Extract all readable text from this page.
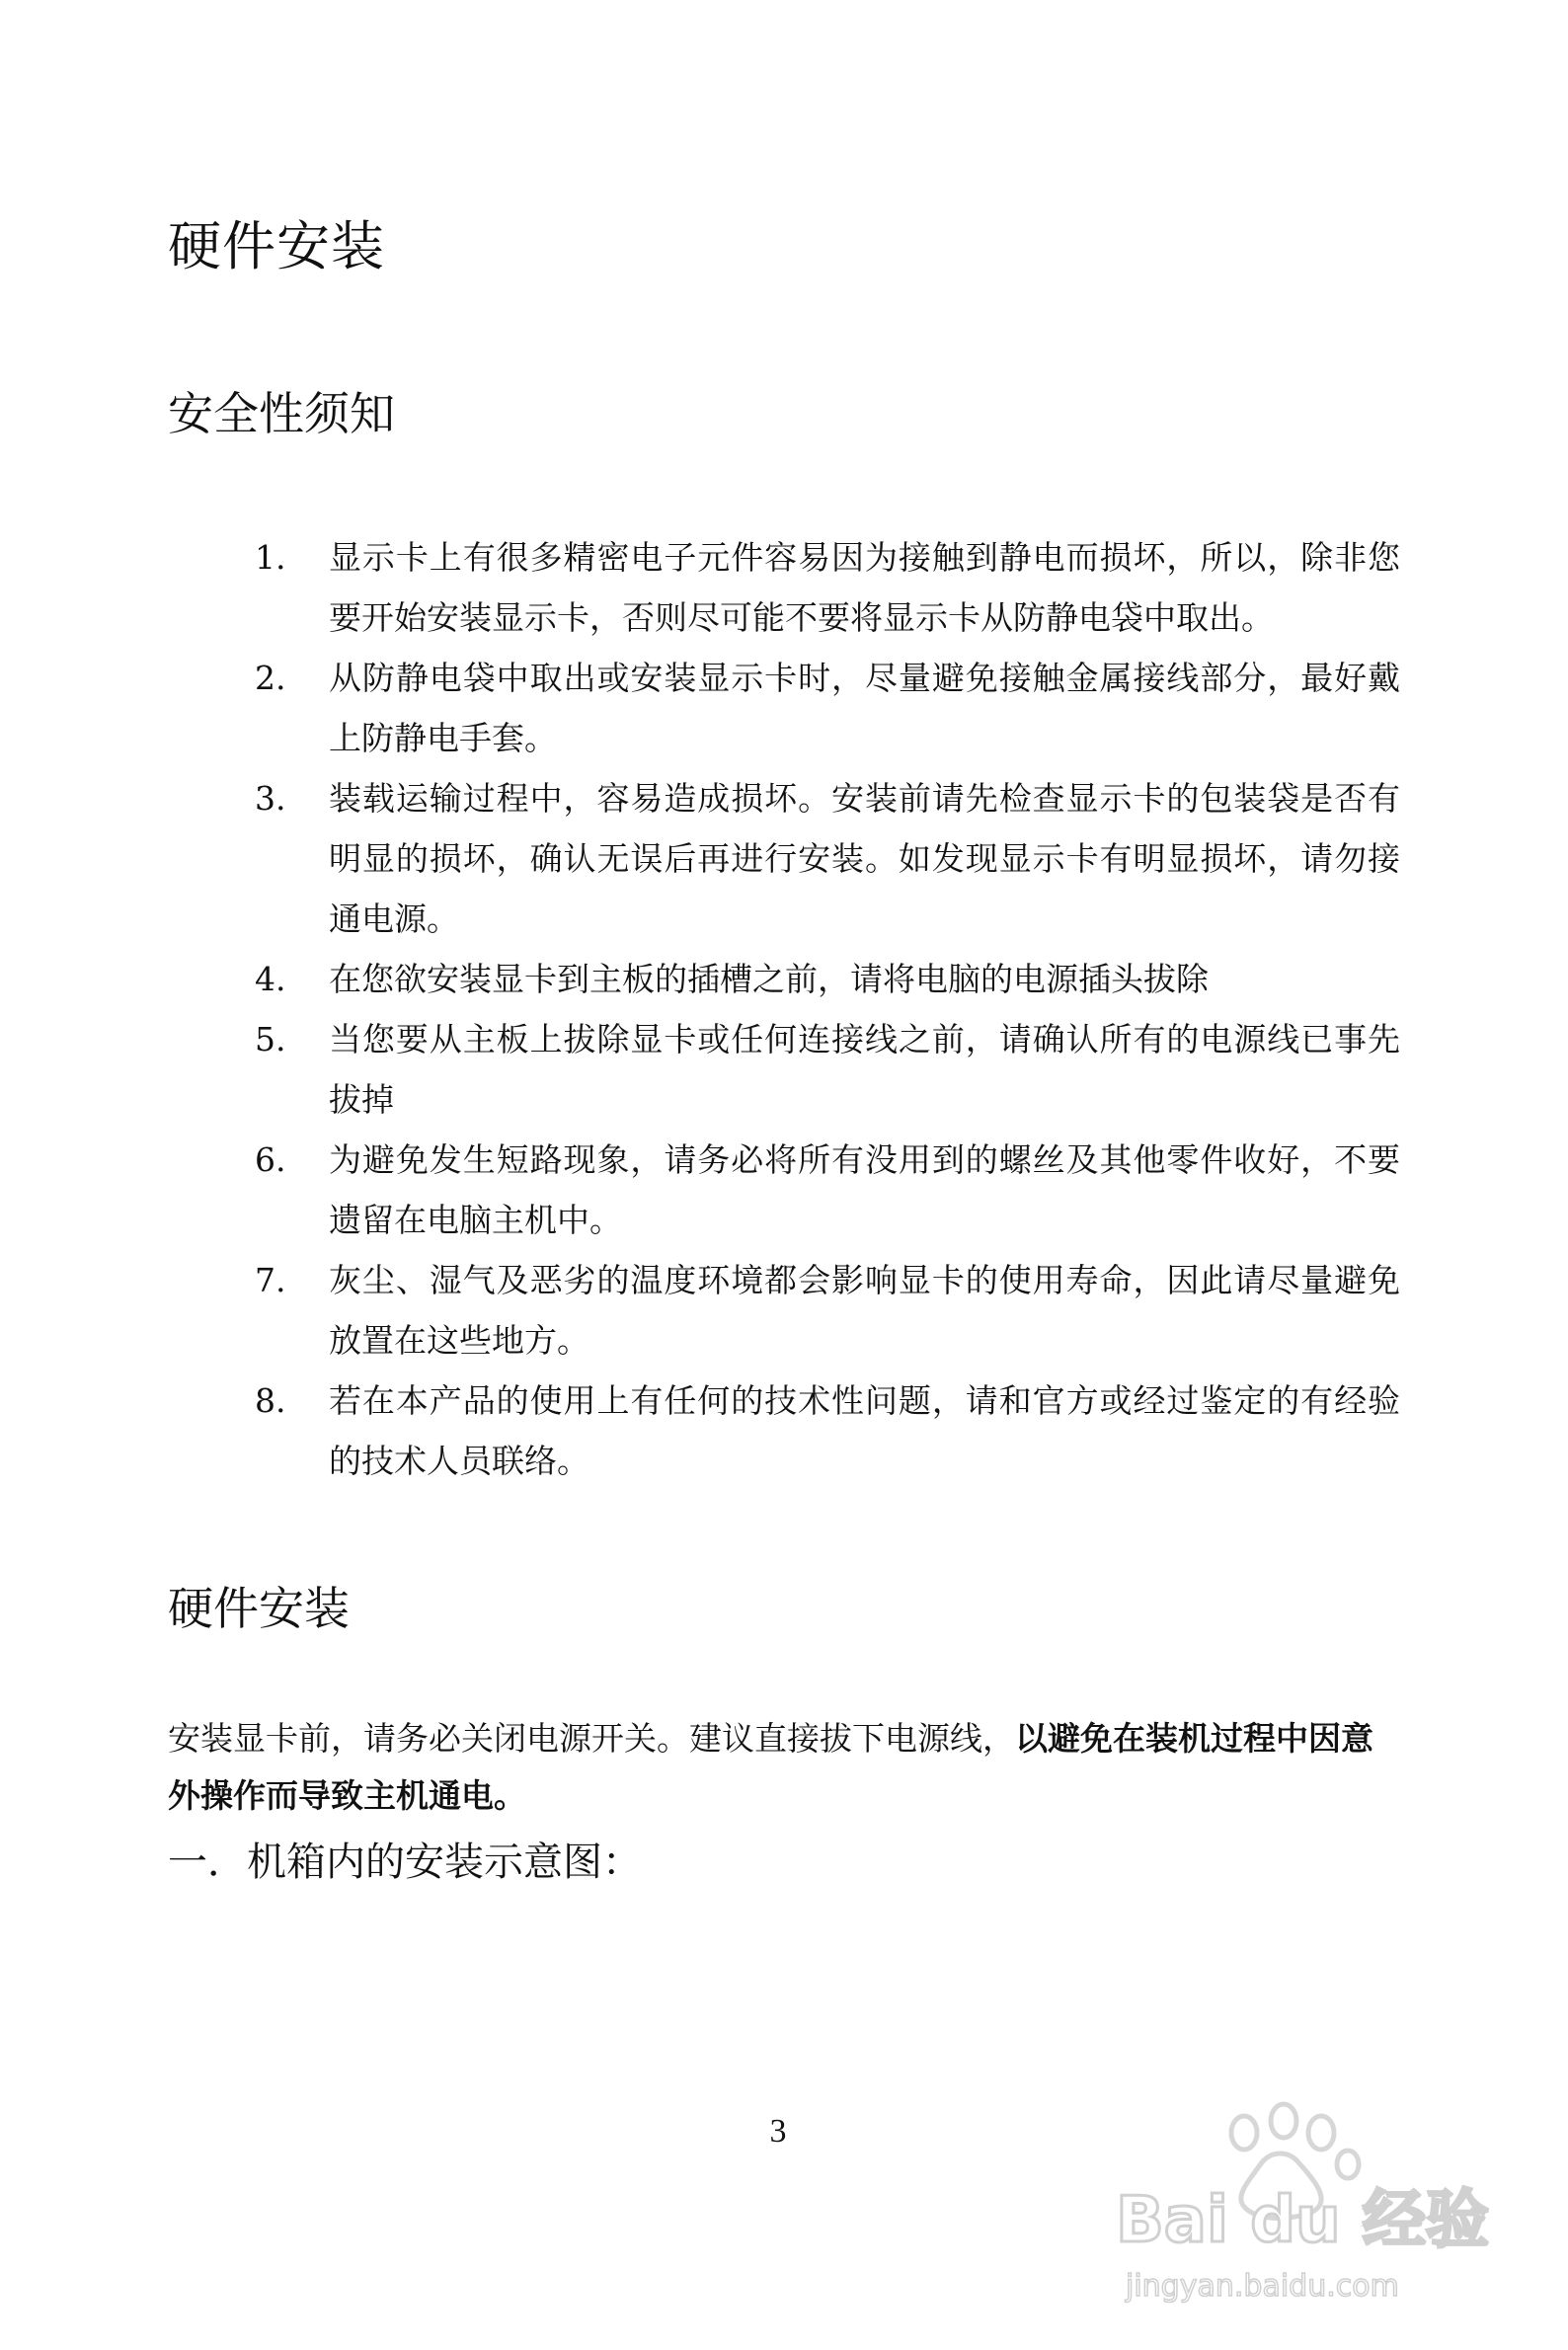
硬件安装
安全性须知
1.	显示卡上有很多精密电子元件容易因为接触到静电而损坏，所以，除非您要开始安装显示卡，否则尽可能不要将显示卡从防静电袋中取出。
2.	从防静电袋中取出或安装显示卡时，尽量避免接触金属接线部分，最好戴上防静电手套。
3.	装载运输过程中，容易造成损坏。安装前请先检查显示卡的包装袋是否有明显的损坏，确认无误后再进行安装。如发现显示卡有明显损坏，请勿接通电源。
4.	在您欲安装显卡到主板的插槽之前，请将电脑的电源插头拔除
5.	当您要从主板上拔除显卡或任何连接线之前，请确认所有的电源线已事先拔掉
6.	为避免发生短路现象，请务必将所有没用到的螺丝及其他零件收好，不要遗留在电脑主机中。
7.	灰尘、湿气及恶劣的温度环境都会影响显卡的使用寿命，因此请尽量避免放置在这些地方。
8.	若在本产品的使用上有任何的技术性问题，请和官方或经过鉴定的有经验的技术人员联络。
硬件安装

安装显卡前，请务必关闭电源开关。建议直接拔下电源线，以避免在装机过程中因意外操作而导致主机通电。

一．机箱内的安装示意图：

3
Bai du 经验
jingyan.baidu.com
